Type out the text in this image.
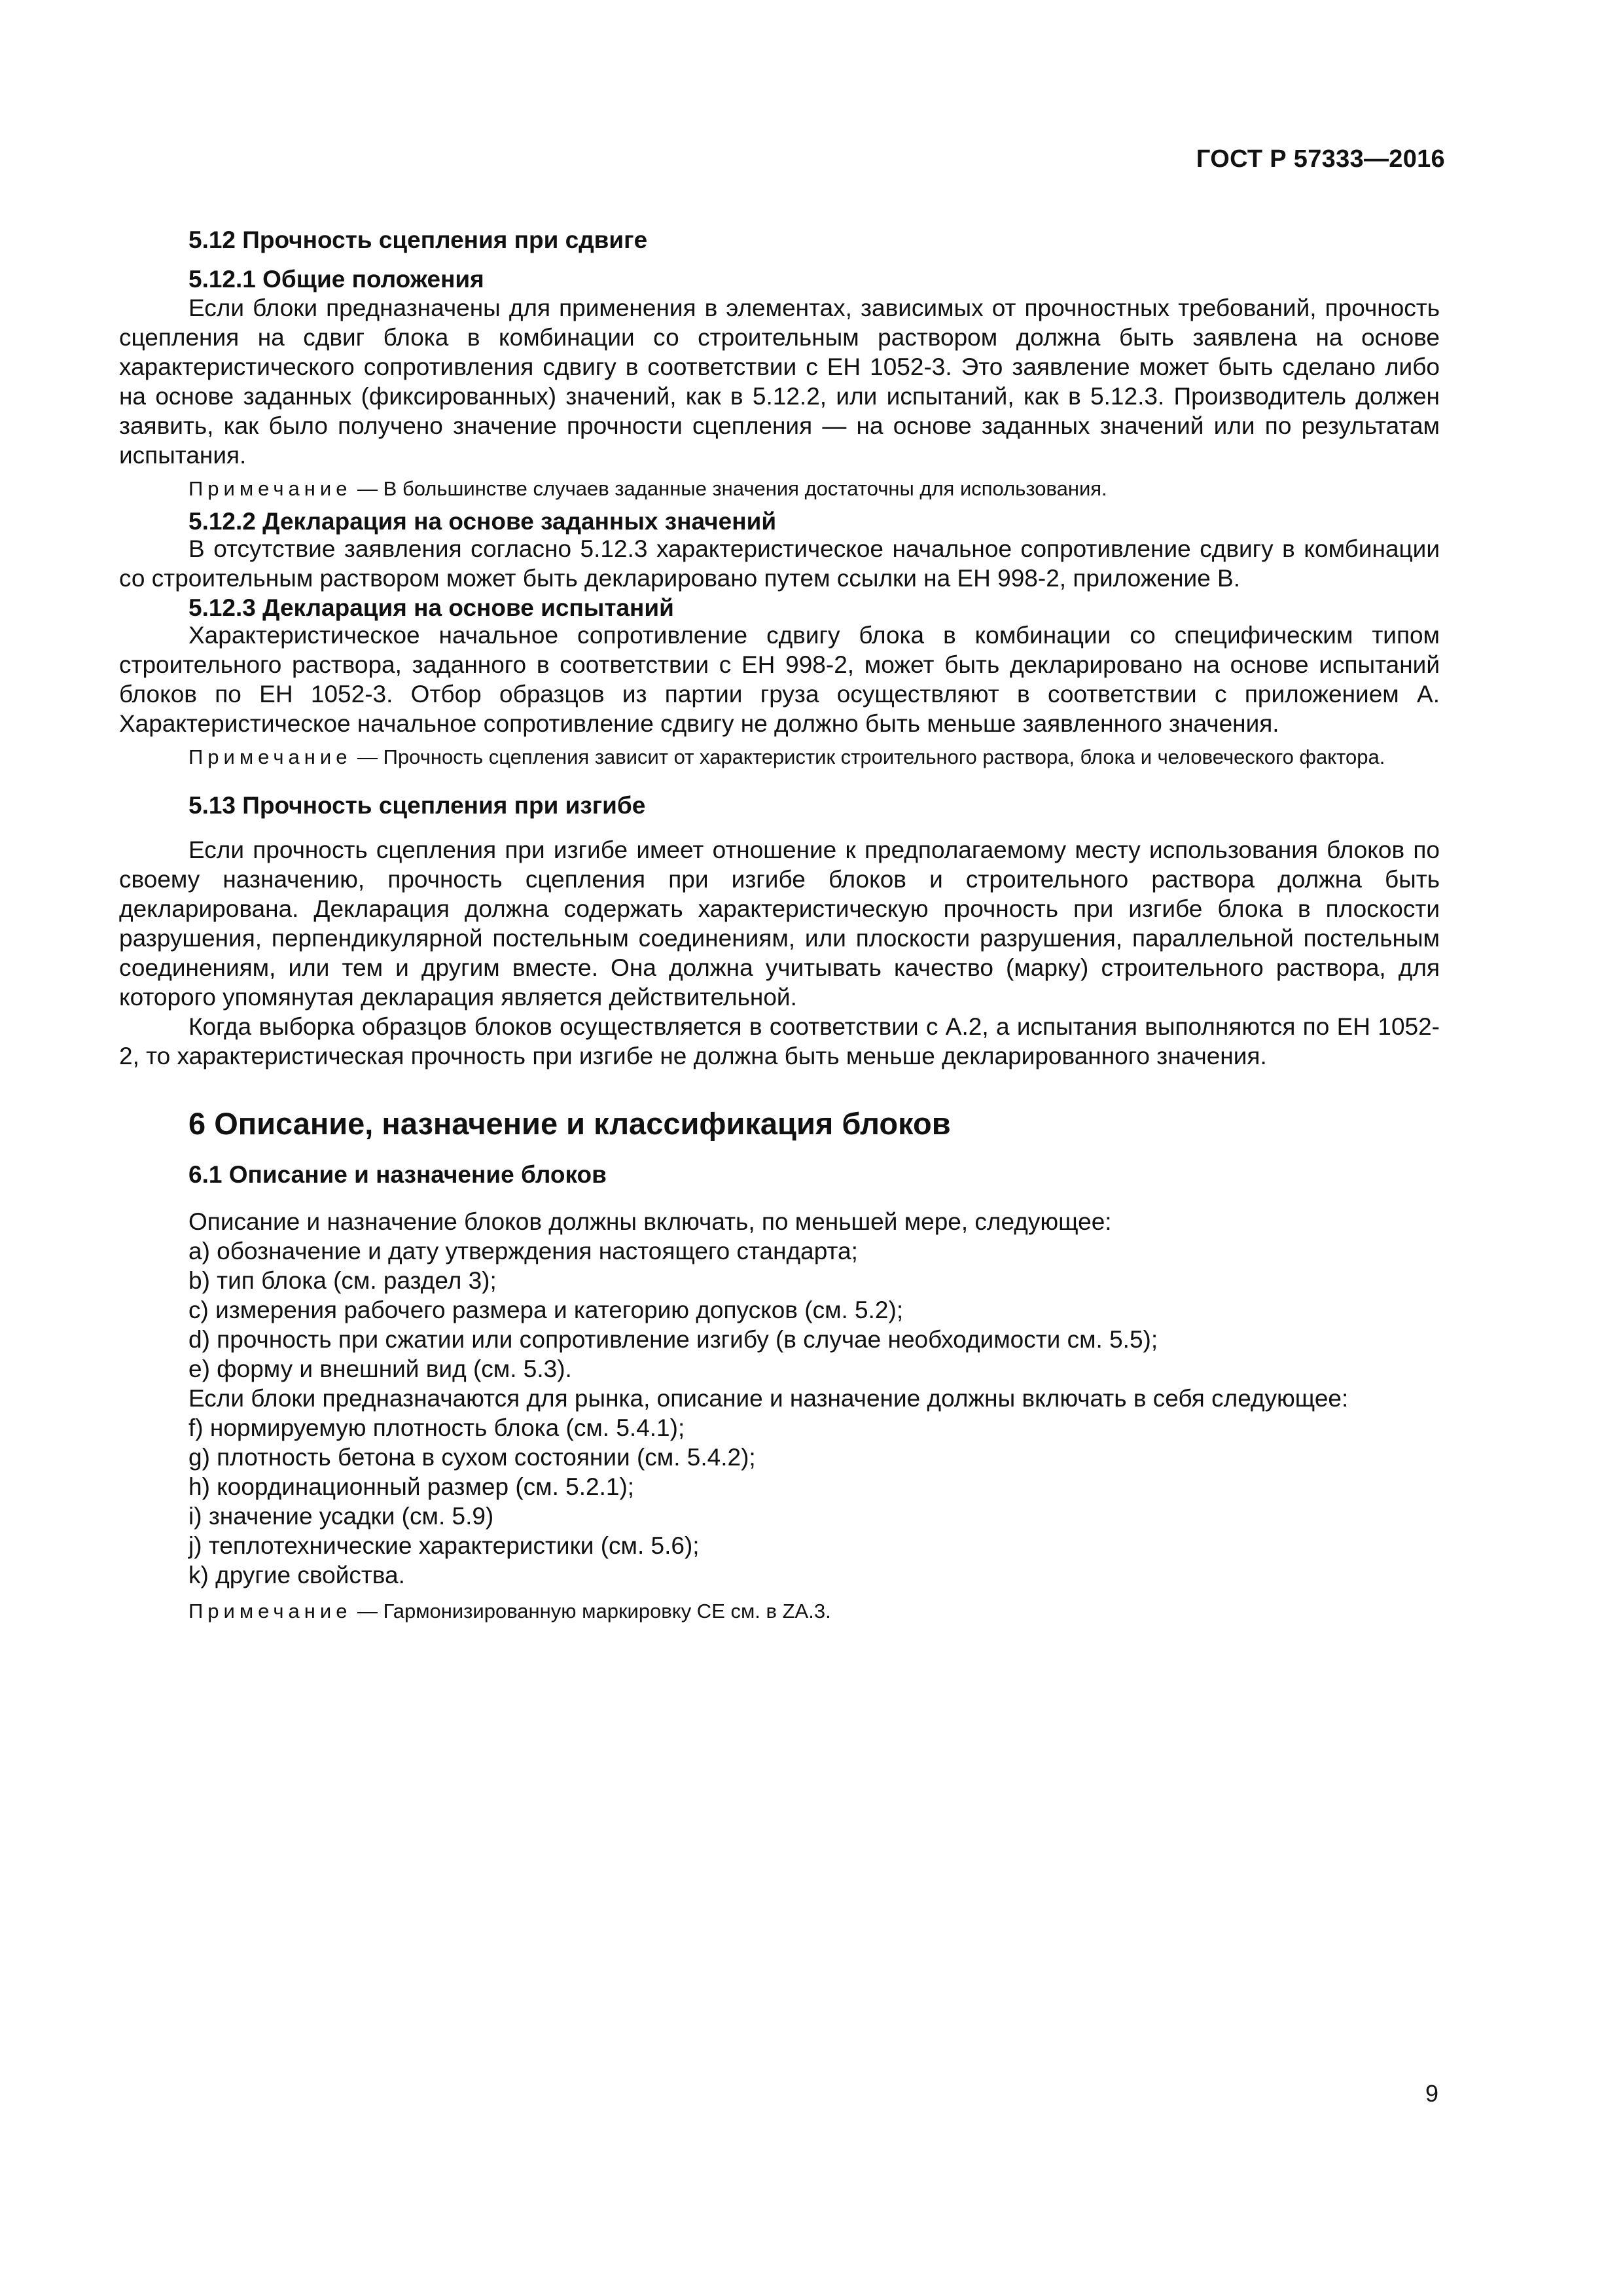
ГОСТ Р 57333—2016
5.12 Прочность сцепления при сдвиге
5.12.1 Общие положения

Если блоки предназначены для применения в элементах, зависимых от прочностных требований, прочность сцепления на сдвиг блока в комбинации со строительным раствором должна быть заявлена на основе характеристического сопротивления сдвигу в соответствии с ЕН 1052-3. Это заявление может быть сделано либо на основе заданных (фиксированных) значений, как в 5.12.2, или испытаний, как в 5.12.3. Производитель должен заявить, как было получено значение прочности сцепления — на основе заданных значений или по результатам испытания.

Примечание — В большинстве случаев заданные значения достаточны для использования.

5.12.2 Декларация на основе заданных значений

В отсутствие заявления согласно 5.12.3 характеристическое начальное сопротивление сдвигу в комбинации со строительным раствором может быть декларировано путем ссылки на ЕН 998-2, приложение В.

5.12.3 Декларация на основе испытаний

Характеристическое начальное сопротивление сдвигу блока в комбинации со специфическим типом строительного раствора, заданного в соответствии с ЕН 998-2, может быть декларировано на основе испытаний блоков по ЕН 1052-3. Отбор образцов из партии груза осуществляют в соответствии с приложением А. Характеристическое начальное сопротивление сдвигу не должно быть меньше заявленного значения.

Примечание — Прочность сцепления зависит от характеристик строительного раствора, блока и человеческого фактора.

5.13 Прочность сцепления при изгибе

Если прочность сцепления при изгибе имеет отношение к предполагаемому месту использования блоков по своему назначению, прочность сцепления при изгибе блоков и строительного раствора должна быть декларирована. Декларация должна содержать характеристическую прочность при изгибе блока в плоскости разрушения, перпендикулярной постельным соединениям, или плоскости разрушения, параллельной постельным соединениям, или тем и другим вместе. Она должна учитывать качество (марку) строительного раствора, для которого упомянутая декларация является действительной.

Когда выборка образцов блоков осуществляется в соответствии с А.2, а испытания выполняются по ЕН 1052-2, то характеристическая прочность при изгибе не должна быть меньше декларированного значения.

6 Описание, назначение и классификация блоков
6.1 Описание и назначение блоков

Описание и назначение блоков должны включать, по меньшей мере, следующее:

a) обозначение и дату утверждения настоящего стандарта;
b) тип блока (см. раздел 3);
c) измерения рабочего размера и категорию допусков (см. 5.2);
d) прочность при сжатии или сопротивление изгибу (в случае необходимости см. 5.5);
e) форму и внешний вид (см. 5.3).

Если блоки предназначаются для рынка, описание и назначение должны включать в себя следующее:

f) нормируемую плотность блока (см. 5.4.1);
g) плотность бетона в сухом состоянии (см. 5.4.2);
h) координационный размер (см. 5.2.1);
i) значение усадки (см. 5.9)
j) теплотехнические характеристики (см. 5.6);
k) другие свойства.

Примечание — Гармонизированную маркировку СЕ см. в ZA.3.

9
